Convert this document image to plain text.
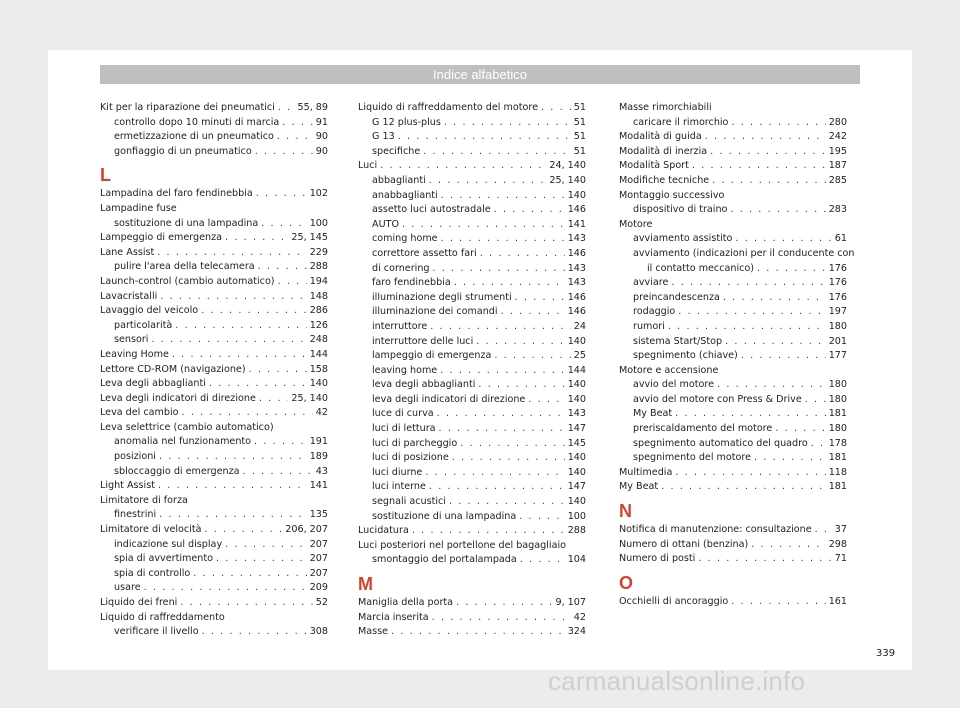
Indice alfabetico
Kit per la riparazione dei pneumatici . . . 55, 89
controllo dopo 10 minuti di marcia . . .	91
ermetizzazione di un pneumatico . . .	90
gonfiaggio di un pneumatico . . .	90
L
Lampadina del faro fendinebbia . . .	102
Lampadine fuse
sostituzione di una lampadina . . .	100
Lampeggio di emergenza . . .	25, 145
Lane Assist . . .	229
pulire l'area della telecamera . . .	288
Launch-control (cambio automatico) . . .	194
Lavacristalli . . .	148
Lavaggio del veicolo . . .	286
particolarità . . .	126
sensori . . .	248
Leaving Home . . .	144
Lettore CD-ROM (navigazione) . . .	158
Leva degli abbaglianti . . .	140
Leva degli indicatori di direzione . . .	25, 140
Leva del cambio . . .	42
Leva selettrice (cambio automatico)
anomalia nel funzionamento . . .	191
posizioni . . .	189
sbloccaggio di emergenza . . .	43
Light Assist . . .	141
Limitatore di forza
finestrini . . .	135
Limitatore di velocità . . .	206, 207
indicazione sul display . . .	207
spia di avvertimento . . .	207
spia di controllo . . .	207
usare . . .	209
Liquido dei freni . . .	52
Liquido di raffreddamento
verificare il livello . . .	308
Liquido di raffreddamento del motore . . .	51
G 12 plus-plus . . .	51
G 13 . . .	51
specifiche . . .	51
Luci . . .	24, 140
abbaglianti . . .	25, 140
anabbaglianti . . .	140
assetto luci autostradale . . .	146
AUTO . . .	141
coming home . . .	143
correttore assetto fari . . .	146
di cornering . . .	143
faro fendinebbia . . .	143
illuminazione degli strumenti . . .	146
illuminazione dei comandi . . .	146
interruttore . . .	24
interruttore delle luci . . .	140
lampeggio di emergenza . . .	25
leaving home . . .	144
leva degli abbaglianti . . .	140
leva degli indicatori di direzione . . .	140
luce di curva . . .	143
luci di lettura . . .	147
luci di parcheggio . . .	145
luci di posizione . . .	140
luci diurne . . .	140
luci interne . . .	147
segnali acustici . . .	140
sostituzione di una lampadina . . .	100
Lucidatura . . .	288
Luci posteriori nel portellone del bagagliaio
smontaggio del portalampada . . .	104
M
Maniglia della porta . . .	9, 107
Marcia inserita . . .	42
Masse . . .	324
Masse rimorchiabili
caricare il rimorchio . . .	280
Modalità di guida . . .	242
Modalità di inerzia . . .	195
Modalità Sport . . .	187
Modifiche tecniche . . .	285
Montaggio successivo
dispositivo di traino . . .	283
Motore
avviamento assistito . . .	61
avviamento (indicazioni per il conducente con
il contatto meccanico) . . .	176
avviare . . .	176
preincandescenza . . .	176
rodaggio . . .	197
rumori . . .	180
sistema Start/Stop . . .	201
spegnimento (chiave) . . .	177
Motore e accensione
avvio del motore . . .	180
avvio del motore con Press & Drive . . .	180
My Beat . . .	181
preriscaldamento del motore . . .	180
spegnimento automatico del quadro . . . 178
spegnimento del motore . . .	181
Multimedia . . .	118
My Beat . . .	181
N
Notifica di manutenzione: consultazione . . . 37
Numero di ottani (benzina) . . .	298
Numero di posti . . .	71
O
Occhielli di ancoraggio . . .	161
339
carmanualsonline.info
